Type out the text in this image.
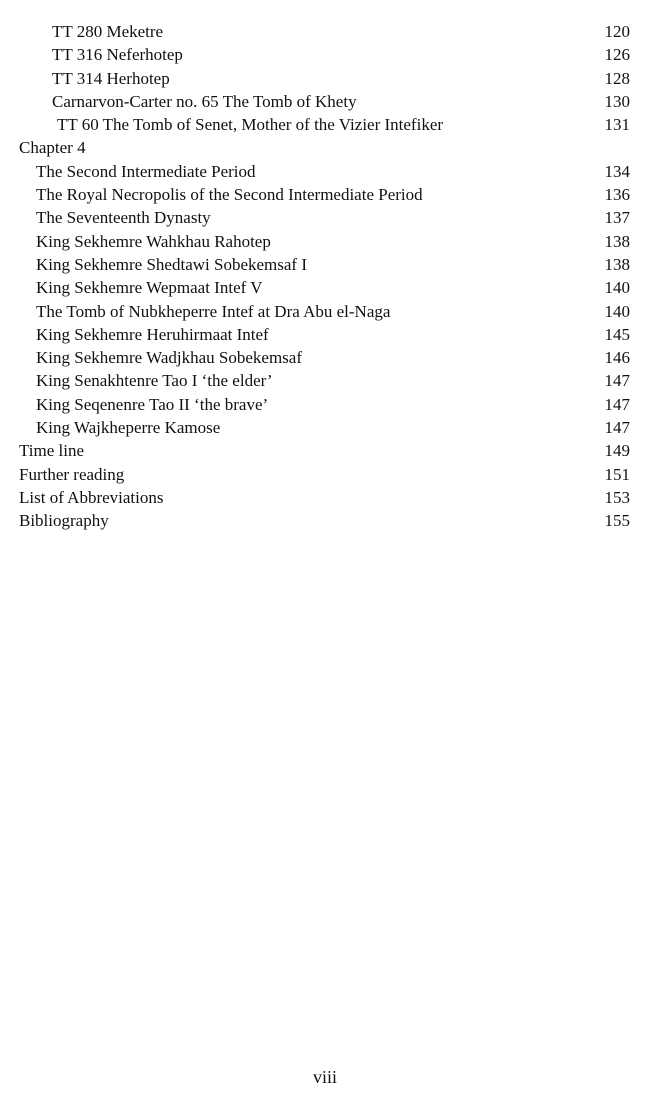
TT 280 Meketre	120
TT 316 Neferhotep	126
TT 314 Herhotep	128
Carnarvon-Carter no. 65 The Tomb of Khety	130
TT 60 The Tomb of Senet, Mother of the Vizier Intefiker	131
Chapter 4
The Second Intermediate Period	134
The Royal Necropolis of the Second Intermediate Period	136
The Seventeenth Dynasty	137
King Sekhemre Wahkhau Rahotep	138
King Sekhemre Shedtawi Sobekemsaf I	138
King Sekhemre Wepmaat Intef V	140
The Tomb of Nubkheperre Intef at Dra Abu el-Naga	140
King Sekhemre Heruhirmaat Intef	145
King Sekhemre Wadjkhau Sobekemsaf	146
King Senakhtenre Tao I ‘the elder’	147
King Seqenenre Tao II ‘the brave’	147
King Wajkheperre Kamose	147
Time line	149
Further reading	151
List of Abbreviations	153
Bibliography	155
viii
